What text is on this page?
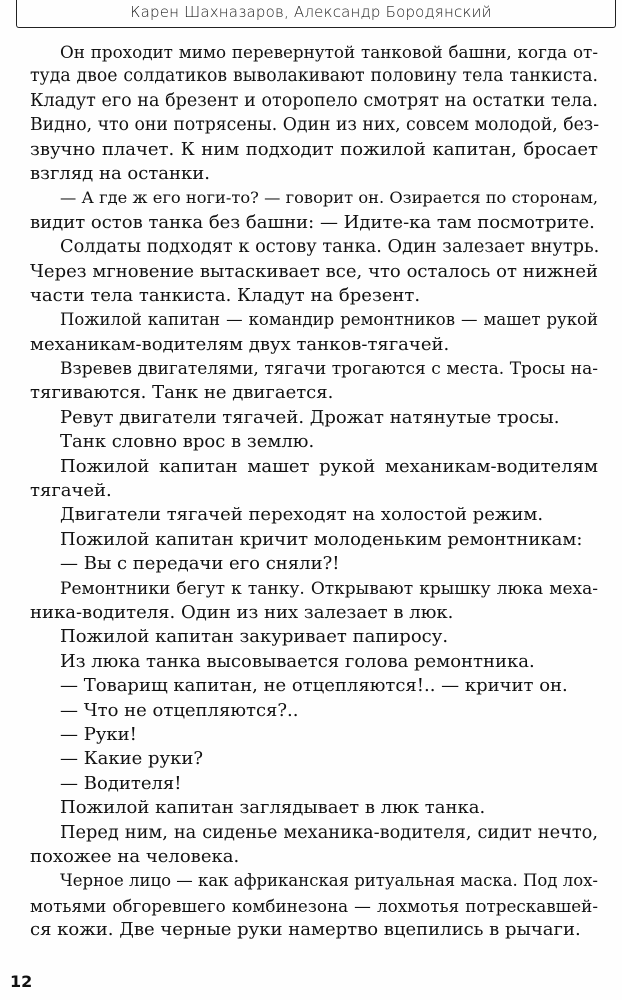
Карен Шахназаров, Александр Бородянский
Он проходит мимо перевернутой танковой башни, когда от-
туда двое солдатиков выволакивают половину тела танкиста.
Кладут его на брезент и оторопело смотрят на остатки тела.
Видно, что они потрясены. Один из них, совсем молодой, без-
звучно плачет. К ним подходит пожилой капитан, бросает
взгляд на останки.
— А где ж его ноги-то? — говорит он. Озирается по сторонам,
видит остов танка без башни: — Идите-ка там посмотрите.
Солдаты подходят к остову танка. Один залезает внутрь.
Через мгновение вытаскивает все, что осталось от нижней
части тела танкиста. Кладут на брезент.
Пожилой капитан — командир ремонтников — машет рукой
механикам-водителям двух танков-тягачей.
Взревев двигателями, тягачи трогаются с места. Тросы на-
тягиваются. Танк не двигается.
Ревут двигатели тягачей. Дрожат натянутые тросы.
Танк словно врос в землю.
Пожилой капитан машет рукой механикам-водителям
тягачей.
Двигатели тягачей переходят на холостой режим.
Пожилой капитан кричит молоденьким ремонтникам:
— Вы с передачи его сняли?!
Ремонтники бегут к танку. Открывают крышку люка меха-
ника-водителя. Один из них залезает в люк.
Пожилой капитан закуривает папиросу.
Из люка танка высовывается голова ремонтника.
— Товарищ капитан, не отцепляются!.. — кричит он.
— Что не отцепляются?..
— Руки!
— Какие руки?
— Водителя!
Пожилой капитан заглядывает в люк танка.
Перед ним, на сиденье механика-водителя, сидит нечто,
похожее на человека.
Черное лицо — как африканская ритуальная маска. Под лох-
мотьями обгоревшего комбинезона — лохмотья потрескавшей-
ся кожи. Две черные руки намертво вцепились в рычаги.
12
